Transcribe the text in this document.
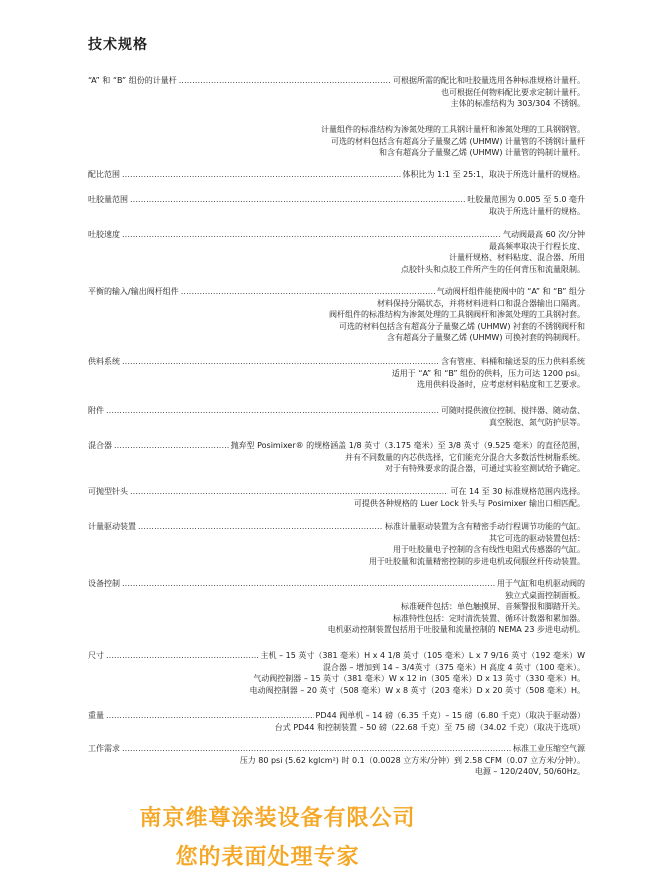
技术规格
“A” 和 “B” 组份的计量杆 . . .	可根据所需的配比和吐胶量选用各种标准规格计量杆。
也可根据任何物料配比要求定制计量杆。
主体的标准结构为 303/304 不锈钢。
计量组件的标准结构为渗氮处理的工具钢计量杆和渗氮处理的工具钢钢管。
可选的材料包括含有超高分子量聚乙烯 (UHMW) 计量管的不锈钢计量杆
和含有超高分子量聚乙烯 (UHMW) 计量管的钨制计量杆。
配比范围 . . .	体积比为 1:1 至 25:1，取决于所选计量杆的规格。
吐胶量范围 . . .	吐胶量范围为 0.005 至 5.0 毫升
取决于所选计量杆的规格。
吐胶速度 . . .	气动阀最高 60 次/分钟
最高频率取决于行程长度、
计量杆规格、材料粘度、混合器、所用
点胶针头和点胶工件所产生的任何背压和流量限制。
平衡的输入/输出阀杆组件 . . .	气动阀杆组件能使阀中的 “A” 和 “B” 组分
材料保持分隔状态，并将材料进料口和混合器输出口隔离。
阀杆组件的标准结构为渗氮处理的工具钢阀杆和渗氮处理的工具钢衬套。
可选的材料包括含有超高分子量聚乙烯 (UHMW) 衬套的不锈钢阀杆和
含有超高分子量聚乙烯 (UHMW) 可换衬套的钨制阀杆。
供料系统 . . .	含有管座、料桶和输送泵的压力供料系统
适用于 “A” 和 “B” 组份的供料，压力可达 1200 psi。
选用供料设备时，应考虑材料粘度和工艺要求。
附件 . . .	可随时提供液位控制、搅拌器、随动盘、
真空脱泡、氮气防护层等。
混合器 . . .	抛弃型 Posimixer® 的规格涵盖 1/8 英寸（3.175 毫米）至 3/8 英寸（9.525 毫米）的直径范围，
并有不同数量的内芯供选择，它们能充分混合大多数活性树脂系统。
对于有特殊要求的混合器，可通过实验室测试给予确定。
可抛型针头 . . .	可在 14 至 30 标准规格范围内选择。
可提供各种规格的 Luer Lock 针头与 Posimixer 输出口相匹配。
计量驱动装置 . . .	标准计量驱动装置为含有精密手动行程调节功能的气缸。
其它可选的驱动装置包括：
用于吐胶量电子控制的含有线性电阻式传感器的气缸。
用于吐胶量和流量精密控制的步进电机或伺服丝杆传动装置。
设备控制 . . .	用于气缸和电机驱动阀的
独立式桌面控制面板。
标准硬件包括：单色触摸屏、音频警报和脚踏开关。
标准特性包括：定时清洗装置、循环计数器和累加器。
电机驱动控制装置包括用于吐胶量和流量控制的 NEMA 23 步进电动机。
尺寸 . . .	主机 – 15 英寸（381 毫米）H x 4 1/8 英寸（105 毫米）L x 7 9/16 英寸（192 毫米）W
混合器 – 增加到 14 – 3/4英寸（375 毫米）H 高度 4 英寸（100 毫米）。
气动阀控制器 – 15 英寸（381 毫米）W x 12 in（305 毫米）D x 13 英寸（330 毫米）H。
电动阀控制器 – 20 英寸（508 毫米）W x 8 英寸（203 毫米）D x 20 英寸（508 毫米）H。
重量 . . .	PD44 阀单机 – 14 磅（6.35 千克）– 15 磅（6.80 千克）（取决于驱动器）
台式 PD44 和控制装置 – 50 磅（22.68 千克）至 75 磅（34.02 千克）（取决于选项）
工作需求 . . .	标准工业压缩空气源
压力 80 psi (5.62 kglcm²) 时 0.1（0.0028 立方米/分钟）到 2.58 CFM（0.07 立方米/分钟）。
电源 – 120/240V, 50/60Hz。
南京维尊涂装设备有限公司
您的表面处理专家
